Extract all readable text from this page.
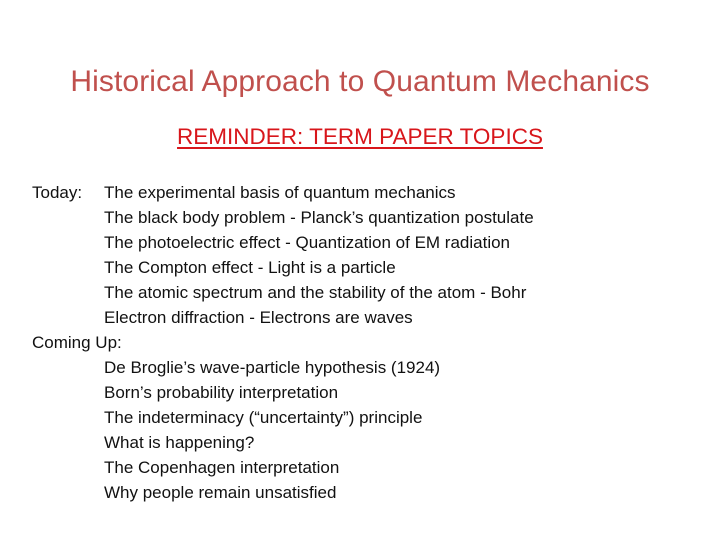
Historical Approach to Quantum Mechanics
REMINDER: TERM PAPER TOPICS
Today: The experimental basis of quantum mechanics
The black body problem - Planck’s quantization postulate
The photoelectric effect - Quantization of EM radiation
The Compton effect - Light is a particle
The atomic spectrum and the stability of the atom - Bohr
Electron diffraction - Electrons are waves
Coming Up:
De Broglie’s wave-particle hypothesis (1924)
Born’s probability interpretation
The indeterminacy (“uncertainty”) principle
What is happening?
The Copenhagen interpretation
Why people remain unsatisfied
